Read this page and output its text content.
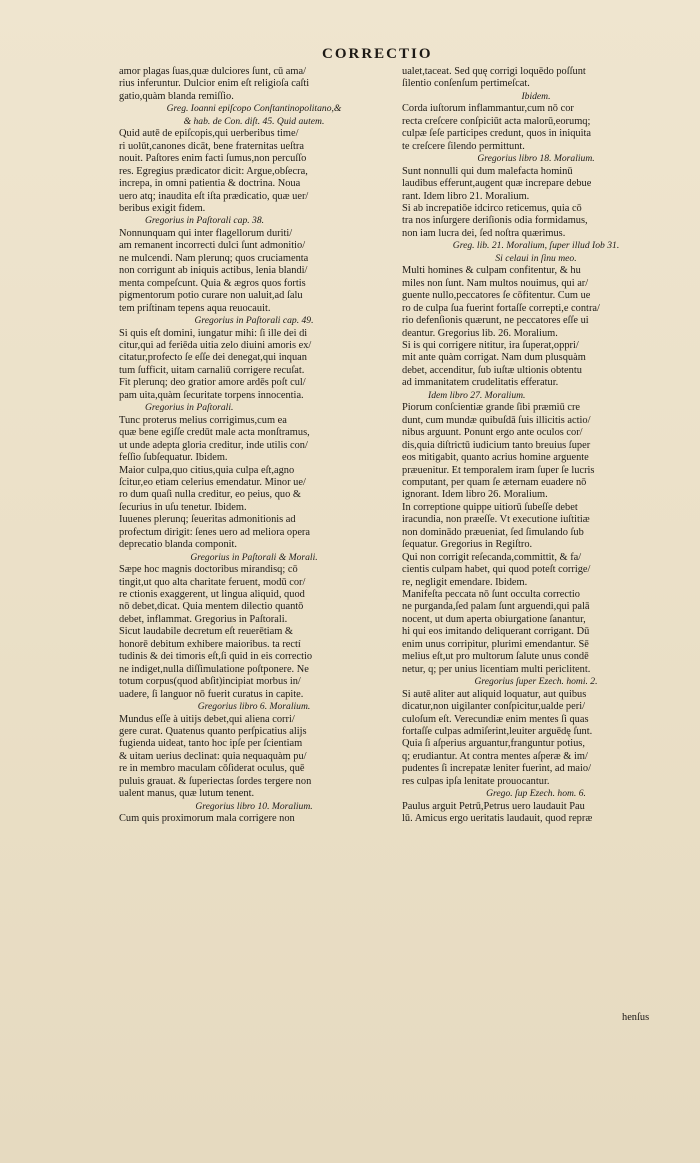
CORRECTIO
amor plagas ſuas,quæ dulciores ſunt, cū ama/
rius inferuntur. Dulcior enim eſt religioſa caſti
gatio,quàm blanda remiſſio.
Greg. Ioanni epiſcopo Conſtantinopolitano,&
& hab. de Con. diſt. 45. Quid autem.
Quid autē de epiſcopis,qui uerberibus time/
ri uolūt,canones dicāt, bene fraternitas ueſtra
nouit. Paſtores enim facti ſumus,non percuſſo
res. Egregius prædicator dicit: Argue,obſecra,
increpa, in omni patientia & doctrina. Noua
uero atq; inaudita eſt iſta prædicatio, quæ uer/
beribus exigit fidem.
Gregorius in Paſtorali cap. 38.
Nonnunquam qui inter flagellorum duriti/
am remanent incorrecti dulci ſunt admonitio/
ne mulcendi. Nam plerunq; quos cruciamenta
non corrigunt ab iniquis actibus, lenia blandi/
menta compeſcunt. Quia & ægros quos fortis
pigmentorum potio curare non ualuit,ad ſalu
tem priſtinam tepens aqua reuocauit.
Gregorius in Paſtorali cap. 49.
Si quis eſt domini, iungatur mihi: ſi ille dei di
citur,qui ad feriēda uitia zelo diuini amoris ex/
citatur,profecto ſe eſſe dei denegat,qui inquan
tum ſufficit, uitam carnaliū corrigere recuſat.
Fit plerunq; deo gratior amore ardēs poſt cul/
pam uita,quàm ſecuritate torpens innocentia.
Gregorius in Paſtorali.
Tunc proterus melius corrigimus,cum ea
quæ bene egiſſe credūt male acta monſtramus,
ut unde adepta gloria creditur, inde utilis con/
feſſio ſubſequatur. Ibidem.
Maior culpa,quo citius,quia culpa eſt,agno
ſcitur,eo etiam celerius emendatur. Minor ue/
ro dum quaſi nulla creditur, eo peius, quo &
ſecurius in uſu tenetur. Ibidem.
Iuuenes plerunq; ſeueritas admonitionis ad
profectum dirigit: ſenes uero ad meliora opera
deprecatio blanda componit.
Gregorius in Paſtorali & Morali.
Sæpe hoc magnis doctoribus mirandisq; cō
tingit,ut quo alta charitate feruent, modū cor/
re ctionis exaggerent, ut lingua aliquid, quod
nō debet,dicat. Quia mentem dilectio quantō
debet, inflammat. Gregorius in Paſtorali.
Sicut laudabile decretum eſt reuerētiam &
honorē debitum exhibere maioribus. ta rectí
tudinis & dei timoris eſt,ſi quid in eis correctio
ne indiget,nulla diſſimulatione poſtponere. Ne
totum corpus(quod abſit)incipiat morbus in/
uadere, ſi languor nō fuerit curatus in capite.
Gregorius libro 6. Moralium.
Mundus eſſe à uitijs debet,qui aliena corri/
gere curat. Quatenus quanto perſpicatius alijs
fugienda uideat, tanto hoc ipſe per ſcientiam
& uitam uerius declinat: quia nequaquàm pu/
re in membro maculam cōſiderat oculus, quē
puluis grauat. & ſuperiectas ſordes tergere non
ualent manus, quæ lutum tenent.
Gregorius libro 10. Moralium.
Cum quis proximorum mala corrigere non
ualet,taceat. Sed quę corrigi loquēdo poſſunt
ſilentio conſenſum pertimeſcat.
Ibidem.
Corda iuſtorum inflammantur,cum nō cor
recta creſcere conſpiciūt acta malorū,eorumq;
culpæ ſeſe participes credunt, quos in iniquita
te creſcere ſilendo permittunt.
Gregorius libro 18. Moralium.
Sunt nonnulli qui dum malefacta hominū
laudibus efferunt,augent quæ increpare debue
rant. Idem libro 21. Moralium.
Si ab increpatiōe idcirco reticemus, quia cō
tra nos inſurgere deriſionis odia formidamus,
non iam lucra dei, ſed noſtra quærimus.
Greg. lib. 21. Moralium, ſuper illud Iob 31.
Si celaui in ſinu meo.
Multi homines & culpam confitentur, & hu
miles non ſunt. Nam multos nouimus, qui ar/
guente nullo,peccatores ſe cōfitentur. Cum ue
ro de culpa ſua fuerint fortaſſe correpti,e contra/
rio defenſionis quærunt, ne peccatores eſſe ui
deantur. Gregorius lib. 26. Moralium.
Si is qui corrigere nititur, ira ſuperat,oppri/
mit ante quàm corrigat. Nam dum plusquàm
debet, accenditur, ſub iuſtæ ultionis obtentu
ad immanitatem crudelitatis efferatur.
Idem libro 27. Moralium.
Piorum conſcientiæ grande ſibi præmiū cre
dunt, cum mundæ quibuſdā ſuis illicitis actio/
nibus arguunt. Ponunt ergo ante oculos cor/
dis,quia diſtrictū iudicium tanto breuius ſuper
eos mitigabit, quanto acrius homine arguente
præuenitur. Et temporalem iram ſuper ſe lucris
computant, per quam ſe æternam euadere nō
ignorant. Idem libro 26. Moralium.
In correptione quippe uitiorū ſubeſſe debet
iracundia, non præeſſe. Vt executione iuſtitiæ
non dominādo præueniat, ſed ſimulando ſub
ſequatur. Gregorius in Regiſtro.
Qui non corrigit reſecanda,committit, & fa/
cientis culpam habet, qui quod poteſt corrige/
re, negligit emendare. Ibidem.
Manifeſta peccata nō ſunt occulta correctio
ne purganda,ſed palam ſunt arguendi,qui palā
nocent, ut dum aperta obiurgatione ſanantur,
hi qui eos imitando deliquerant corrigant. Dū
enim unus corripitur, plurimi emendantur. Sē
melius eſt,ut pro multorum ſalute unus condē
netur, q; per unius licentiam multi periclitent.
Gregorius ſuper Ezech. homi. 2.
Si autē aliter aut aliquid loquatur, aut quibus
dicatur,non uigilanter conſpicitur,ualde peri/
culoſum eſt. Verecundiæ enim mentes ſi quas
fortaſſe culpas admiſerint,leuiter arguēdę ſunt.
Quia ſi aſperius arguantur,franguntur potius,
q; erudiantur. At contra mentes aſperæ & im/
pudentes ſi increpatæ leniter fuerint, ad maio/
res culpas ipſa lenitate prouocantur.
Grego. ſup Ezech. hom. 6.
Paulus arguit Petrū,Petrus uero laudauit Pau
lū. Amicus ergo ueritatis laudauit, quod repræ
henſus
